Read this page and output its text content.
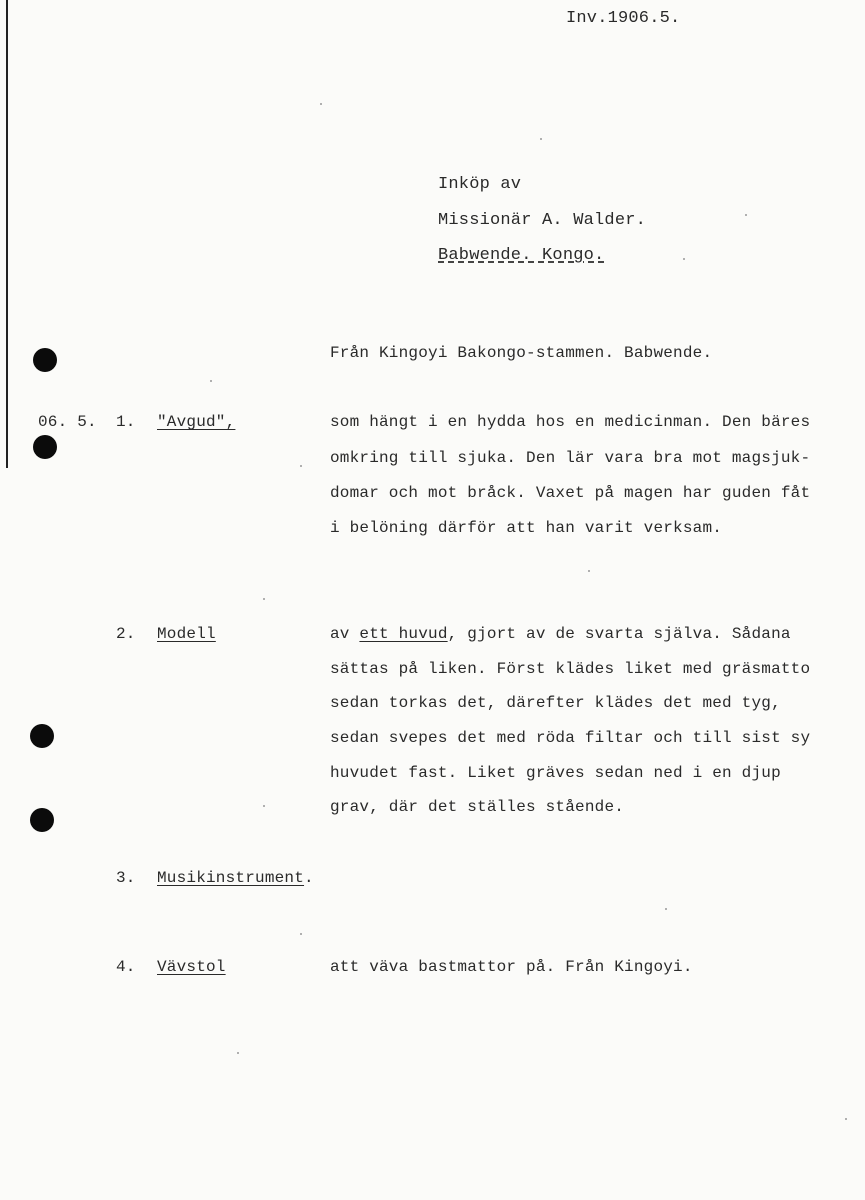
Inv.1906.5.
Inköp av
Missionär A. Walder.
Babwende. Kongo.
Från Kingoyi Bakongo-stammen. Babwende.
06. 5. 1. "Avgud",	som hängt i en hydda hos en medicinman. Den bäres
omkring till sjuka. Den lär vara bra mot magsjuk-
domar och mot bråck. Vaxet på magen har guden fåt
i belöning därför att han varit verksam.
2. Modell	av ett huvud, gjort av de svarta själva. Sådana
sättas på liken. Först klädes liket med gräsmatto
sedan torkas det, därefter klädes det med tyg,
sedan svepes det med röda filtar och till sist sy
huvudet fast. Liket gräves sedan ned i en djup
grav, där det ställes stående.
3. Musikinstrument.
4. Vävstol	att väva bastmattor på. Från Kingoyi.
